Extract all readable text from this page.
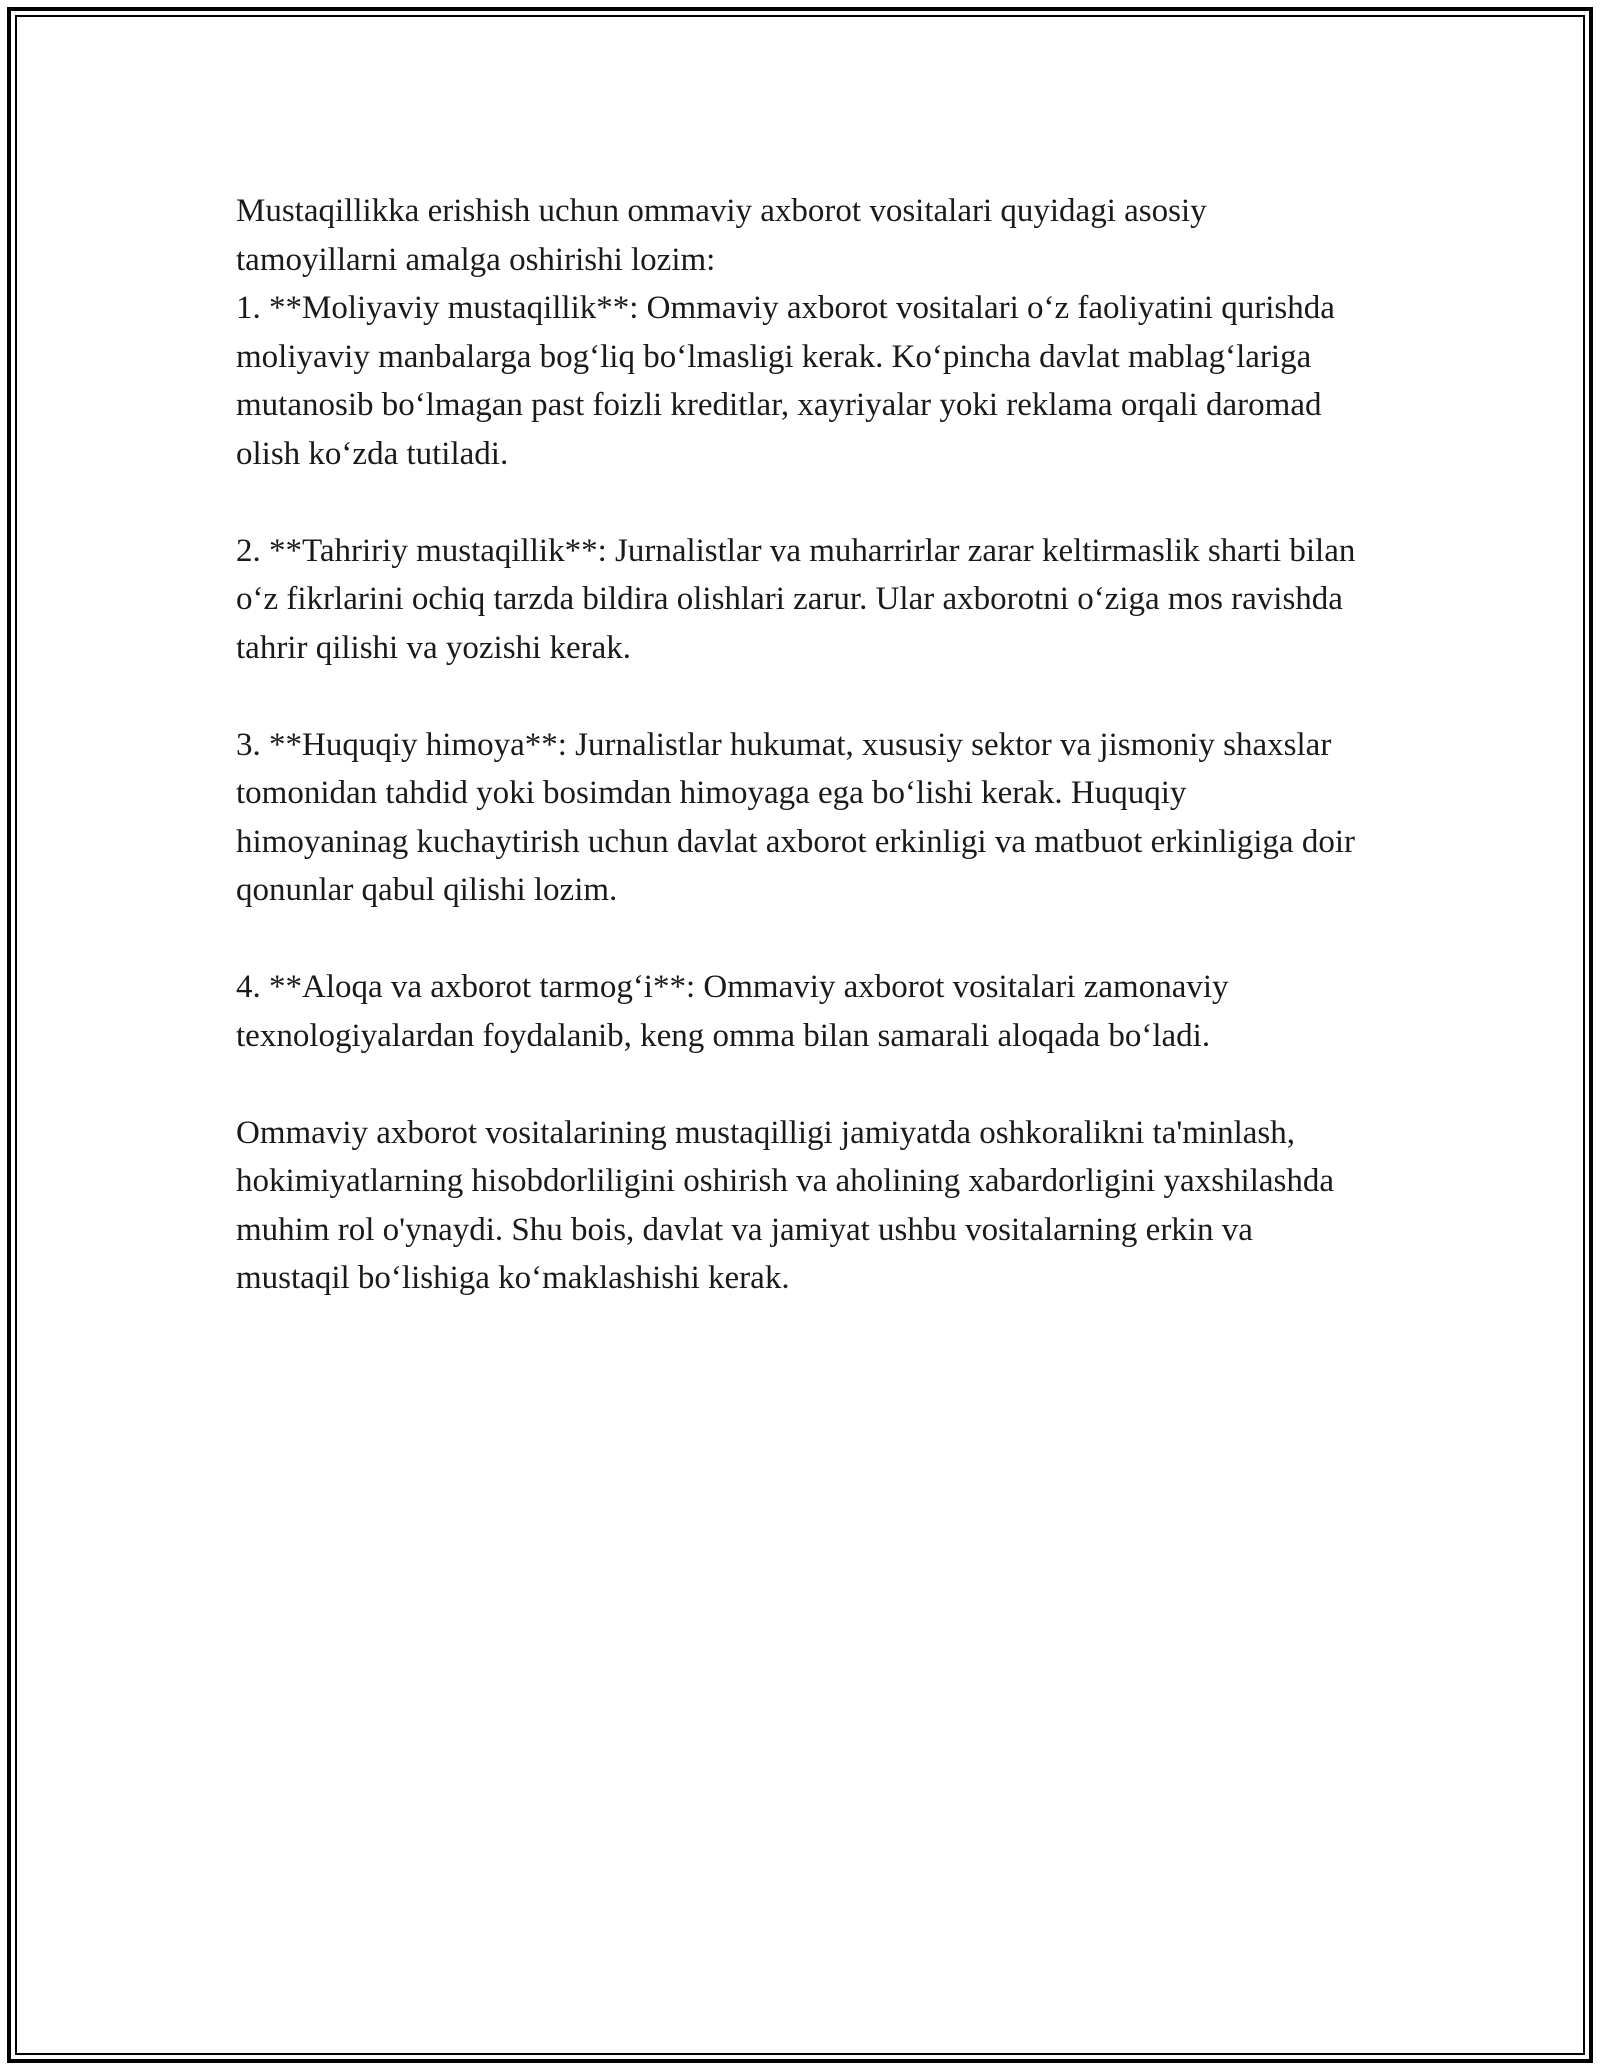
Mustaqillikka erishish uchun ommaviy axborot vositalari quyidagi asosiy tamoyillarni amalga oshirishi lozim:

1. **Moliyaviy mustaqillik**: Ommaviy axborot vositalari o‘z faoliyatini qurishda moliyaviy manbalarga bog‘liq bo‘lmasligi kerak. Ko‘pincha davlat mablag‘lariga mutanosib bo‘lmagan past foizli kreditlar, xayriyalar yoki reklama orqali daromad olish ko‘zda tutiladi.

2. **Tahririy mustaqillik**: Jurnalistlar va muharrirlar zarar keltirmaslik sharti bilan o‘z fikrlarini ochiq tarzda bildira olishlari zarur. Ular axborotni o‘ziga mos ravishda tahrir qilishi va yozishi kerak.

3. **Huquqiy himoya**: Jurnalistlar hukumat, xususiy sektor va jismoniy shaxslar tomonidan tahdid yoki bosimdan himoyaga ega bo‘lishi kerak. Huquqiy himoyaninag kuchaytirish uchun davlat axborot erkinligi va matbuot erkinligiga doir qonunlar qabul qilishi lozim.

4. **Aloqa va axborot tarmog‘i**: Ommaviy axborot vositalari zamonaviy texnologiyalardan foydalanib, keng omma bilan samarali aloqada bo‘ladi.

Ommaviy axborot vositalarining mustaqilligi jamiyatda oshkoralikni ta'minlash, hokimiyatlarning hisobdorliligini oshirish va aholining xabardorligini yaxshilashda muhim rol o'ynaydi. Shu bois, davlat va jamiyat ushbu vositalarning erkin va mustaqil bo‘lishiga ko‘maklashishi kerak.
